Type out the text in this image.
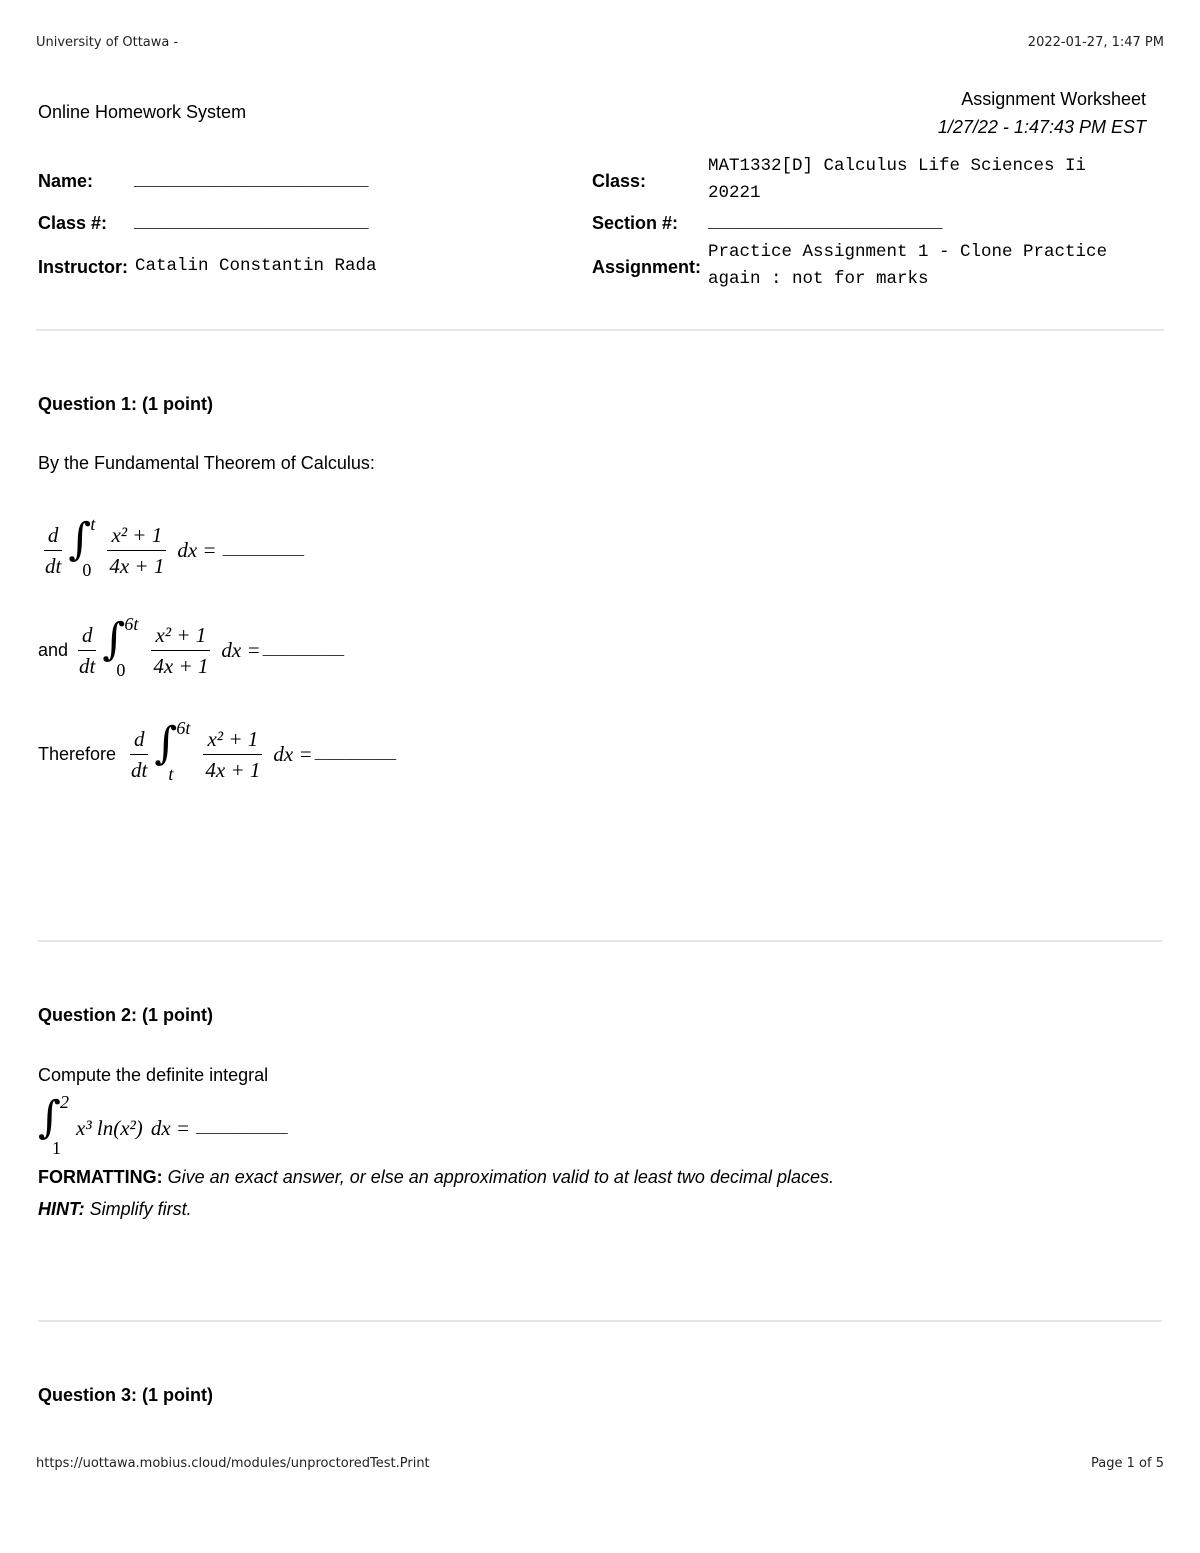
University of Ottawa -	2022-01-27, 1:47 PM
Online Homework System
Assignment Worksheet
1/27/22 - 1:47:43 PM EST
Name: _______________________
Class #: _______________________
Instructor: Catalin Constantin Rada
Class:
MAT1332[D] Calculus Life Sciences Ii
20221
Section #: _______________________
Assignment:
Practice Assignment 1 - Clone Practice
again : not for marks
Question 1: (1 point)
By the Fundamental Theorem of Calculus:
$\frac{d}{dt}$ ∫ t
$0 \frac{\text{x² + 1}}{4x + 1}$ dx = ________
and $\frac{d}{dt}$ ∫ 6t
$0 \frac{\text{x² + 1}}{4x + 1}$ dx = ________
Therefore $\frac{d}{dt}$ ∫ 6t
t $\frac{\text{x² + 1}}{4x + 1}$ dx = ________
Question 2: (1 point)
Compute the definite integral
∫ 2
1
x³ ln(x²) dx = _________
FORMATTING: Give an exact answer, or else an approximation valid to at least two decimal places.
HINT: Simplify first.
Question 3: (1 point)
https://uottawa.mobius.cloud/modules/unproctoredTest.Print	Page 1 of 5
